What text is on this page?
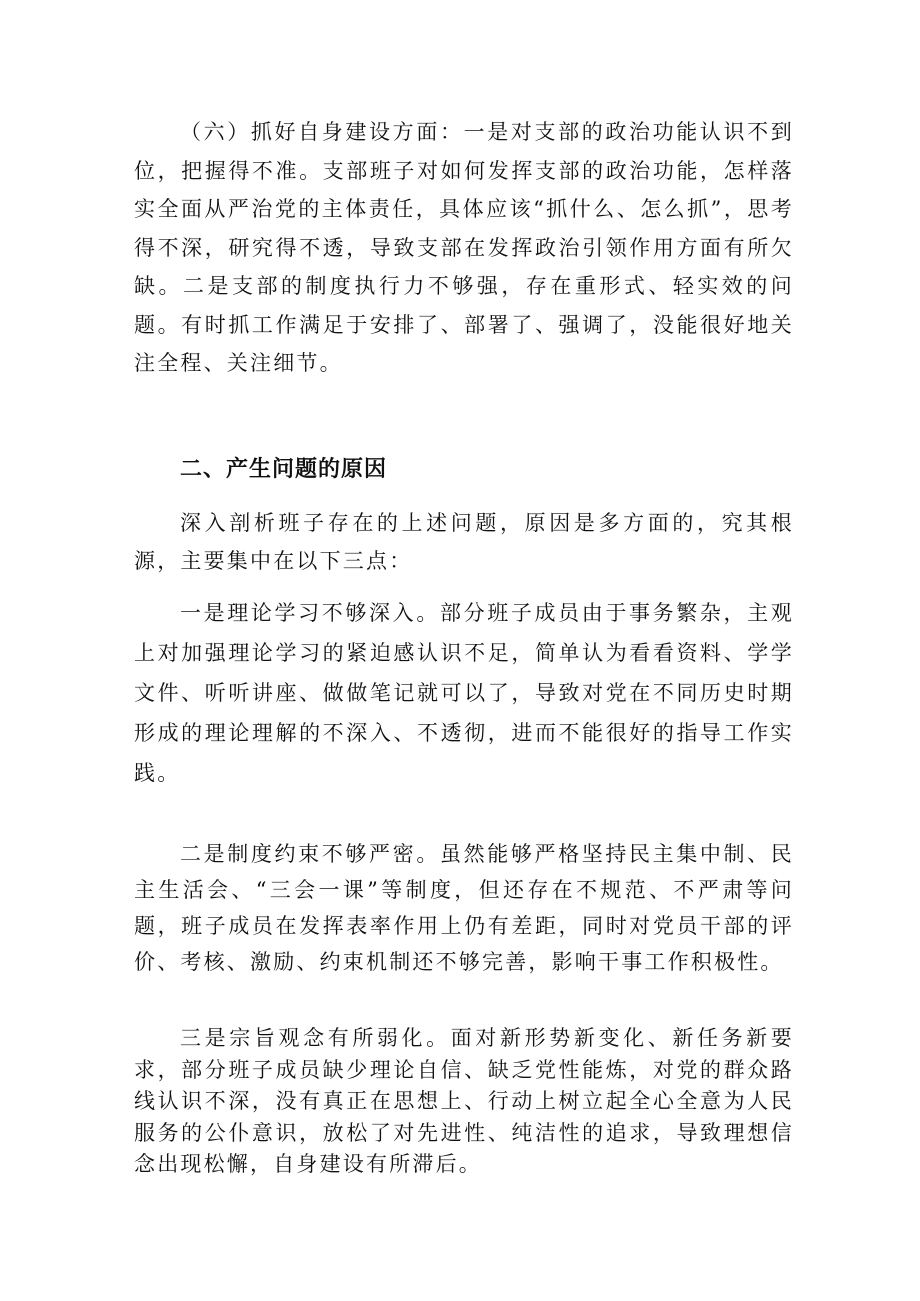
（六）抓好自身建设方面：一是对支部的政治功能认识不到位，把握得不准。支部班子对如何发挥支部的政治功能，怎样落实全面从严治党的主体责任，具体应该“抓什么、怎么抓”，思考得不深，研究得不透，导致支部在发挥政治引领作用方面有所欠缺。二是支部的制度执行力不够强，存在重形式、轻实效的问题。有时抓工作满足于安排了、部署了、强调了，没能很好地关注全程、关注细节。

二、产生问题的原因

深入剖析班子存在的上述问题，原因是多方面的，究其根源，主要集中在以下三点：

一是理论学习不够深入。部分班子成员由于事务繁杂，主观上对加强理论学习的紧迫感认识不足，简单认为看看资料、学学文件、听听讲座、做做笔记就可以了，导致对党在不同历史时期形成的理论理解的不深入、不透彻，进而不能很好的指导工作实践。

二是制度约束不够严密。虽然能够严格坚持民主集中制、民主生活会、“三会一课”等制度，但还存在不规范、不严肃等问题，班子成员在发挥表率作用上仍有差距，同时对党员干部的评价、考核、激励、约束机制还不够完善，影响干事工作积极性。

三是宗旨观念有所弱化。面对新形势新变化、新任务新要求，部分班子成员缺少理论自信、缺乏党性能炼，对党的群众路线认识不深，没有真正在思想上、行动上树立起全心全意为人民服务的公仆意识，放松了对先进性、纯洁性的追求，导致理想信念出现松懈，自身建设有所滞后。
